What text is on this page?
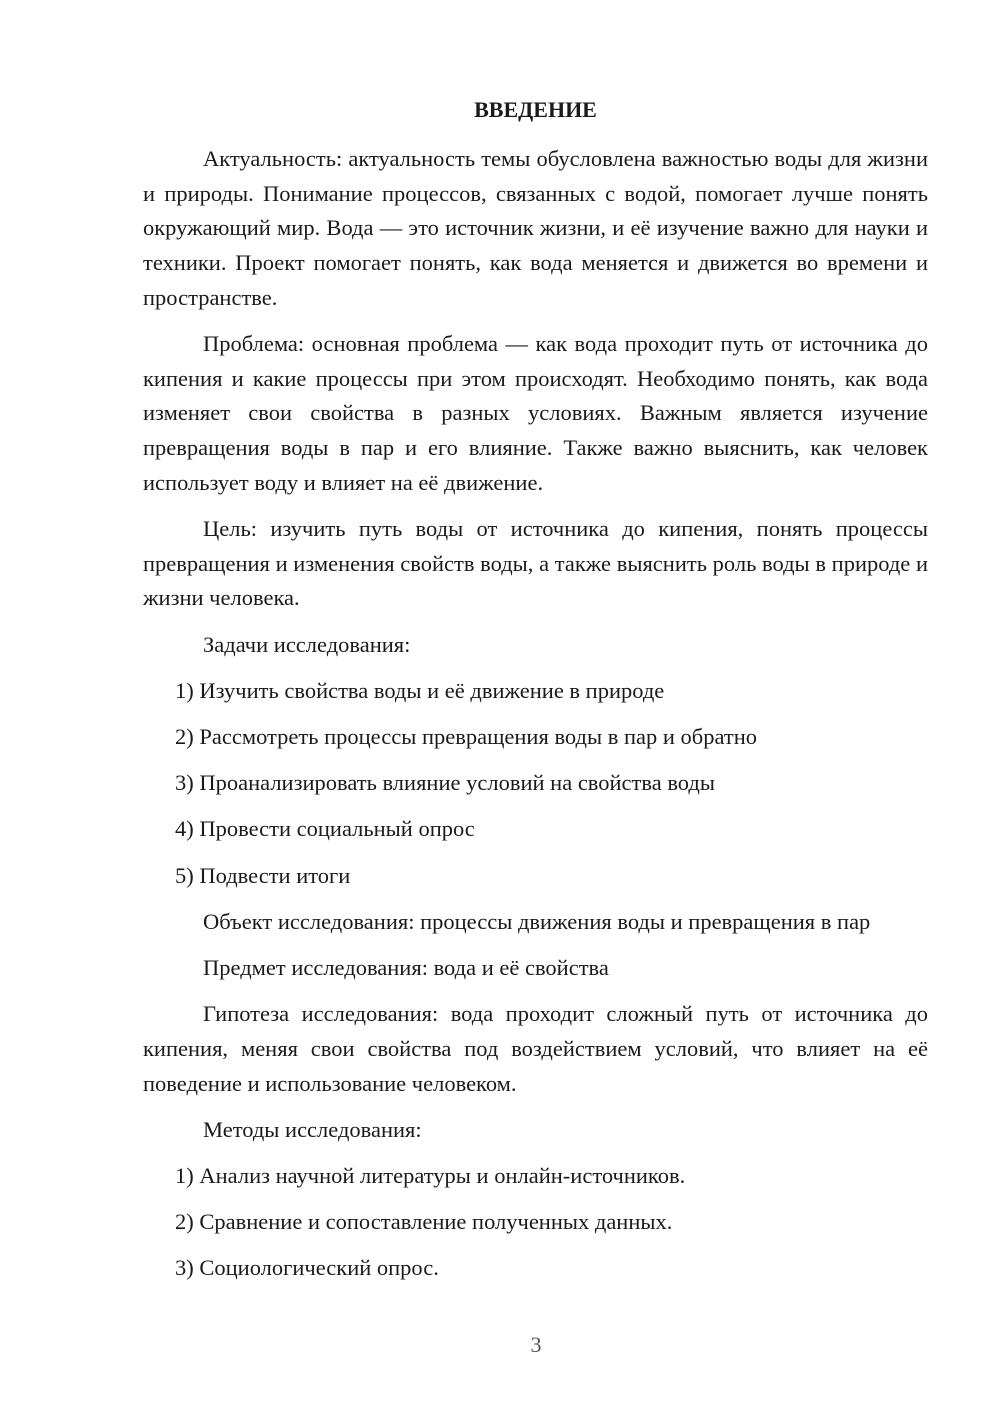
ВВЕДЕНИЕ

Актуальность: актуальность темы обусловлена важностью воды для жизни и природы. Понимание процессов, связанных с водой, помогает лучше понять окружающий мир. Вода — это источник жизни, и её изучение важно для науки и техники. Проект помогает понять, как вода меняется и движется во времени и пространстве.

Проблема: основная проблема — как вода проходит путь от источника до кипения и какие процессы при этом происходят. Необходимо понять, как вода изменяет свои свойства в разных условиях. Важным является изучение превращения воды в пар и его влияние. Также важно выяснить, как человек использует воду и влияет на её движение.

Цель: изучить путь воды от источника до кипения, понять процессы превращения и изменения свойств воды, а также выяснить роль воды в природе и жизни человека.

Задачи исследования:

1) Изучить свойства воды и её движение в природе

2) Рассмотреть процессы превращения воды в пар и обратно

3) Проанализировать влияние условий на свойства воды

4) Провести социальный опрос

5) Подвести итоги

Объект исследования: процессы движения воды и превращения в пар

Предмет исследования: вода и её свойства

Гипотеза исследования: вода проходит сложный путь от источника до кипения, меняя свои свойства под воздействием условий, что влияет на её поведение и использование человеком.

Методы исследования:

1) Анализ научной литературы и онлайн-источников.

2) Сравнение и сопоставление полученных данных.

3) Социологический опрос.

3
